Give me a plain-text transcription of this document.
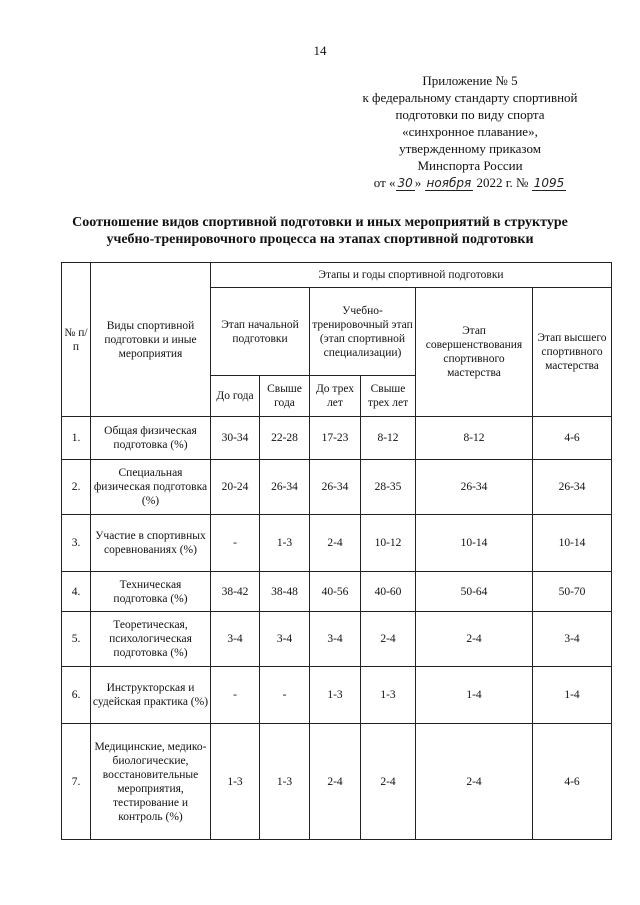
14
Приложение № 5
к федеральному стандарту спортивной
подготовки по виду спорта
«синхронное плавание»,
утвержденному приказом
Минспорта России
от « 30 » ноября 2022 г. № 1095
Соотношение видов спортивной подготовки и иных мероприятий в структуре
учебно-тренировочного процесса на этапах спортивной подготовки
№ п/п	Виды спортивной подготовки и иные мероприятия	Этапы и годы спортивной подготовки					
		Этап начальной подготовки		Учебно-тренировочный этап (этап спортивной специализации)		Этап совершенствования спортивного мастерства	Этап высшего спортивного мастерства
		До года	Свыше года	До трех лет	Свыше трех лет		
1.	Общая физическая подготовка (%)	30-34	22-28	17-23	8-12	8-12	4-6
2.	Специальная физическая подготовка (%)	20-24	26-34	26-34	28-35	26-34	26-34
3.	Участие в спортивных соревнованиях (%)	-	1-3	2-4	10-12	10-14	10-14
4.	Техническая подготовка (%)	38-42	38-48	40-56	40-60	50-64	50-70
5.	Теоретическая, психологическая подготовка (%)	3-4	3-4	3-4	2-4	2-4	3-4
6.	Инструкторская и судейская практика (%)	-	-	1-3	1-3	1-4	1-4
7.	Медицинские, медико-биологические, восстановительные мероприятия, тестирование и контроль (%)	1-3	1-3	2-4	2-4	2-4	4-6
